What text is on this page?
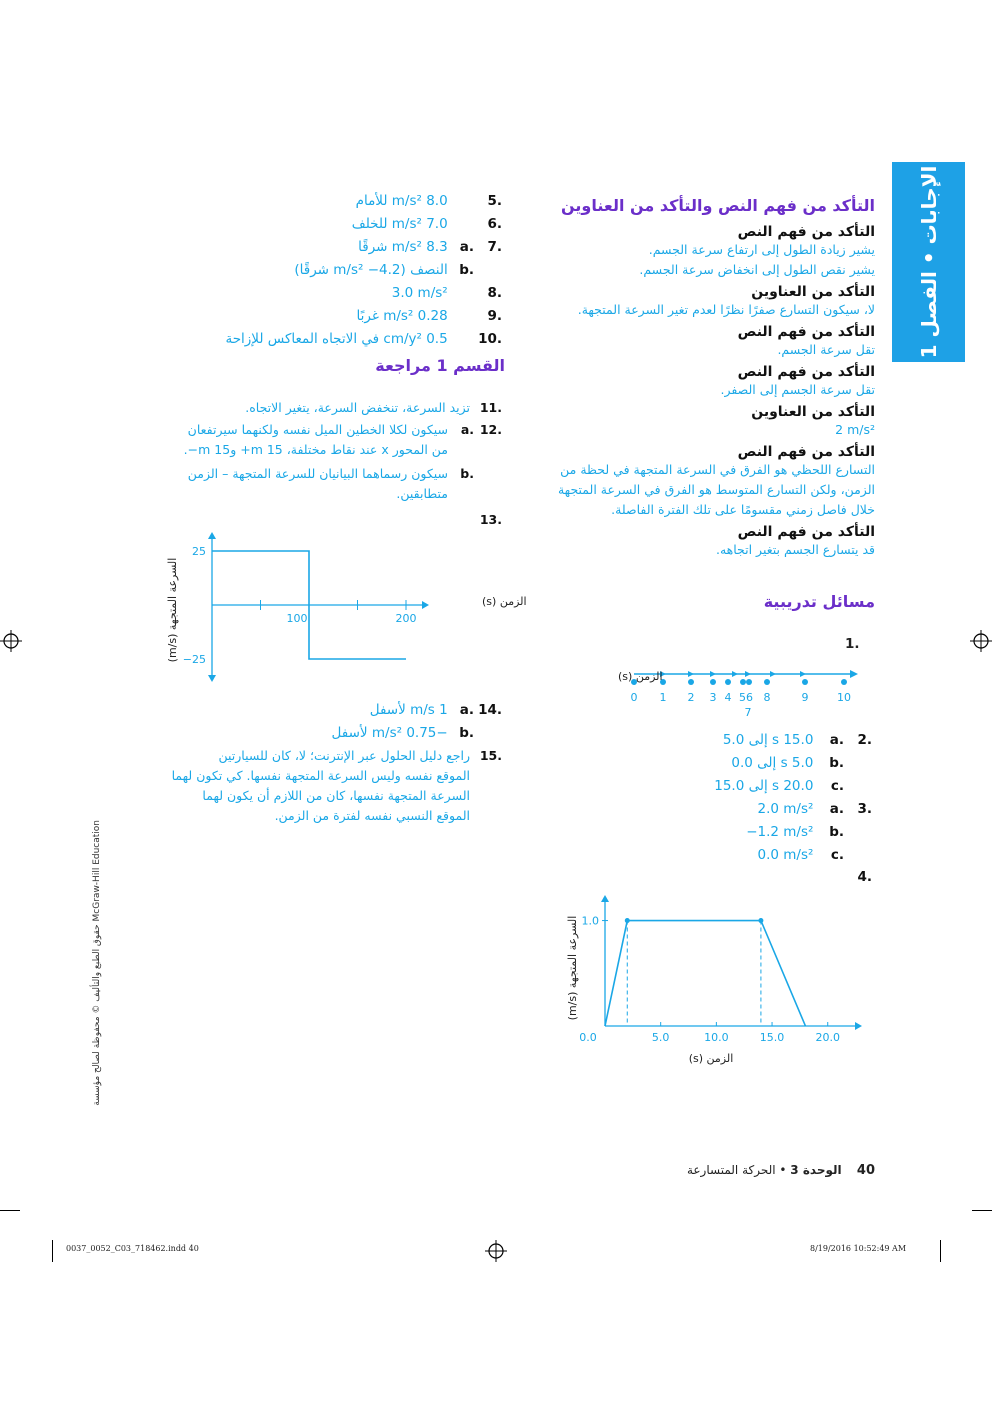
الإجابات • الفصل 1
McGraw-Hill Education حقوق الطبع والتأليف © محفوظة لصالح مؤسسة
التأكد من فهم النص والتأكد من العناوين
التأكد من فهم النص
يشير زيادة الطول إلى ارتفاع سرعة الجسم.
يشير نقص الطول إلى انخفاض سرعة الجسم.
التأكد من العناوين
لا، سيكون التسارع صفرًا نظرًا لعدم تغير السرعة المتجهة.
التأكد من فهم النص
تقل سرعة الجسم.
التأكد من فهم النص
تقل سرعة الجسم إلى الصفر.
التأكد من العناوين
2 m/s²
التأكد من فهم النص
التسارع اللحظي هو الفرق في السرعة المتجهة في لحظة من
الزمن، ولكن التسارع المتوسط هو الفرق في السرعة المتجهة
خلال فاصل زمني مقسومًا على تلك الفترة الفاصلة.
التأكد من فهم النص
قد يتسارع الجسم بتغير اتجاهه.
مسائل تدريبية
.1
0 1 2 3 4 56 8	9	10
7
الزمن (s)
.2.a  15.0 s إلى 5.0
.b  5.0 s إلى 0.0
.c  20.0 s إلى 15.0
.3.a  2.0 m/s²
.b  −1.2 m/s²
.c  0.0 m/s²
.4
0.0	5.0	10.0	15.0	20.0
1.0
الزمن (s)
السرعة المتجهة (m/s)
.5 8.0 m/s² للأمام
.6 7.0 m/s² للخلف
.7.a 8.3 m/s² شرقًا
.b النصف (4.2− m/s² شرقًا)
.8 3.0 m/s²
.9 0.28 m/s² غربًا
.10 0.5 cm/y² في الاتجاه المعاكس للإزاحة
القسم 1 مراجعة
.11 تزيد السرعة، تنخفض السرعة، يتغير الاتجاه.
.12.a سيكون لكلا الخطين الميل نفسه ولكنهما سيرتفعان
من المحور x عند نقاط مختلفة، 15 m+ و15 m−.
.b سيكون رسماهما البيانيان للسرعة المتجهة – الزمن
متطابقين.
.13
100	200
25
−25
الزمن (s)
السرعة المتجهة (m/s)
.14.a 1 m/s لأسفل
.b −0.75 m/s² لأسفل
.15 راجع دليل الحلول عبر الإنترنت؛ لا، كان للسيارتين
الموقع نفسه وليس السرعة المتجهة نفسها. كي تكون لهما
السرعة المتجهة نفسها، كان من اللازم أن يكون لهما
الموقع النسبي نفسه لفترة من الزمن.
40    الوحدة 3 • الحركة المتسارعة
0037_0052_C03_718462.indd 40	8/19/2016 10:52:49 AM
